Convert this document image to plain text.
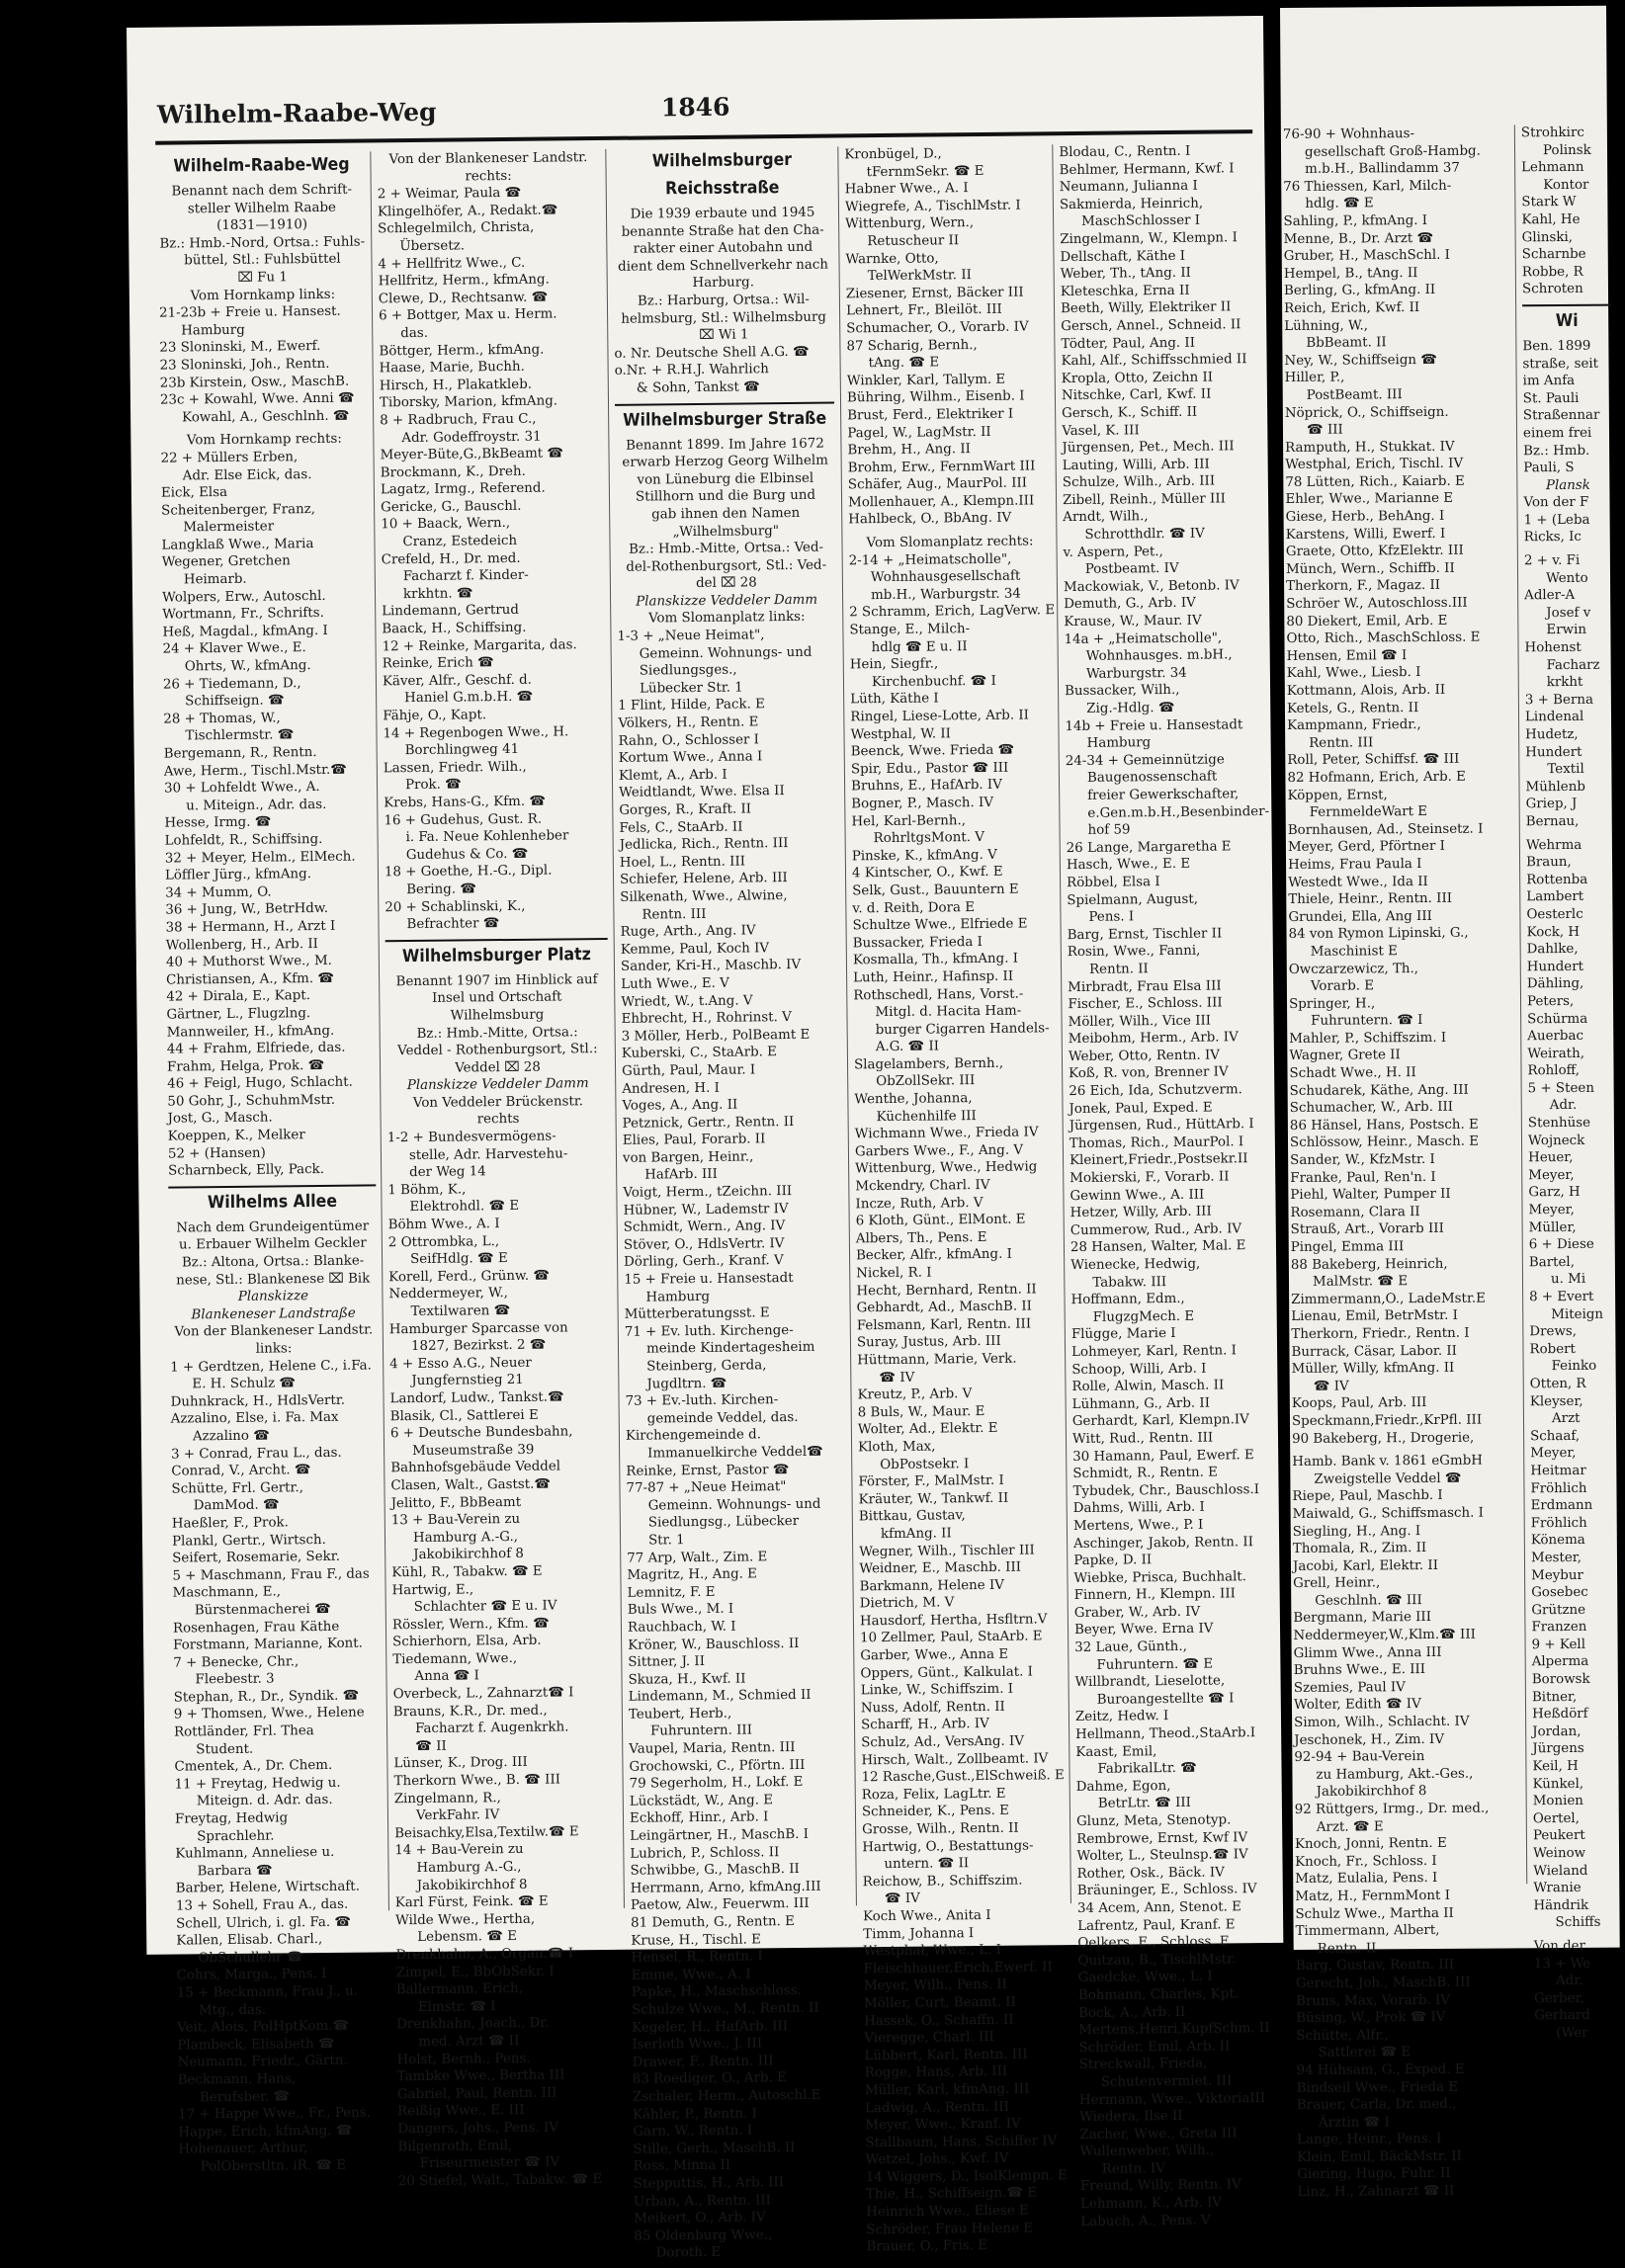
Wilhelm-Raabe-Weg	1846
Wilhelm-Raabe-Weg
Benannt nach dem Schrift-
steller Wilhelm Raabe
(1831—1910)
Bz.: Hmb.-Nord, Ortsa.: Fuhls-
büttel, Stl.: Fuhlsbüttel
⌧ Fu 1
Vom Hornkamp links:
21-23b + Freie u. Hansest.
Hamburg
23 Sloninski, M., Ewerf.
23 Sloninski, Joh., Rentn.
23b Kirstein, Osw., MaschB.
23c + Kowahl, Wwe. Anni ☎
Kowahl, A., Geschlnh. ☎
Vom Hornkamp rechts:
22 + Müllers Erben,
Adr. Else Eick, das.
Eick, Elsa
Scheitenberger, Franz,
Malermeister
Langklaß Wwe., Maria
Wegener, Gretchen
Heimarb.
Wolpers, Erw., Autoschl.
Wortmann, Fr., Schrifts.
Heß, Magdal., kfmAng. I
24 + Klaver Wwe., E.
Ohrts, W., kfmAng.
26 + Tiedemann, D.,
Schiffseign. ☎
28 + Thomas, W.,
Tischlermstr. ☎
Bergemann, R., Rentn.
Awe, Herm., Tischl.Mstr.☎
30 + Lohfeldt Wwe., A.
u. Miteign., Adr. das.
Hesse, Irmg. ☎
Lohfeldt, R., Schiffsing.
32 + Meyer, Helm., ElMech.
Löffler Jürg., kfmAng.
34 + Mumm, O.
36 + Jung, W., BetrHdw.
38 + Hermann, H., Arzt I
Wollenberg, H., Arb. II
40 + Muthorst Wwe., M.
Christiansen, A., Kfm. ☎
42 + Dirala, E., Kapt.
Gärtner, L., Flugzlng.
Mannweiler, H., kfmAng.
44 + Frahm, Elfriede, das.
Frahm, Helga, Prok. ☎
46 + Feigl, Hugo, Schlacht.
50 Gohr, J., SchuhmMstr.
Jost, G., Masch.
Koeppen, K., Melker
52 + (Hansen)
Scharnbeck, Elly, Pack.
Wilhelms Allee
Nach dem Grundeigentümer
u. Erbauer Wilhelm Geckler
Bz.: Altona, Ortsa.: Blanke-
nese, Stl.: Blankenese ⌧ Bik
Planskizze
Blankeneser Landstraße
Von der Blankeneser Landstr.
links:
1 + Gerdtzen, Helene C., i.Fa.
E. H. Schulz ☎
Duhnkrack, H., HdlsVertr.
Azzalino, Else, i. Fa. Max
Azzalino ☎
3 + Conrad, Frau L., das.
Conrad, V., Archt. ☎
Schütte, Frl. Gertr.,
DamMod. ☎
Haeßler, F., Prok.
Plankl, Gertr., Wirtsch.
Seifert, Rosemarie, Sekr.
5 + Maschmann, Frau F., das
Maschmann, E.,
Bürstenmacherei ☎
Rosenhagen, Frau Käthe
Forstmann, Marianne, Kont.
7 + Benecke, Chr.,
Fleebestr. 3
Stephan, R., Dr., Syndik. ☎
9 + Thomsen, Wwe., Helene
Rottländer, Frl. Thea
Student.
Cmentek, A., Dr. Chem.
11 + Freytag, Hedwig u.
Miteign. d. Adr. das.
Freytag, Hedwig
Sprachlehr.
Kuhlmann, Anneliese u.
Barbara ☎
Barber, Helene, Wirtschaft.
13 + Sohell, Frau A., das.
Schell, Ulrich, i. gl. Fa. ☎
Kallen, Elisab. Charl.,
ObSchullehr ☎
Cohrs, Marga., Pens. I
15 + Beckmann, Frau J., u.
Mtg., das.
Veit, Alois, PolHptKom.☎
Plambeck, Elisabeth ☎
Neumann, Friedr., Gärtn.
Beckmann, Hans,
Berufsber. ☎
17 + Happe Wwe., Fr., Pens.
Happe, Erich, kfmAng. ☎
Hohenauer, Arthur,
PolOberstltn. iR. ☎ E
Von der Blankeneser Landstr.
rechts:
2 + Weimar, Paula ☎
Klingelhöfer, A., Redakt.☎
Schlegelmilch, Christa,
Übersetz.
4 + Hellfritz Wwe., C.
Hellfritz, Herm., kfmAng.
Clewe, D., Rechtsanw. ☎
6 + Bottger, Max u. Herm.
das.
Böttger, Herm., kfmAng.
Haase, Marie, Buchh.
Hirsch, H., Plakatkleb.
Tiborsky, Marion, kfmAng.
8 + Radbruch, Frau C.,
Adr. Godeffroystr. 31
Meyer-Büte,G.,BkBeamt ☎
Brockmann, K., Dreh.
Lagatz, Irmg., Referend.
Gericke, G., Bauschl.
10 + Baack, Wern.,
Cranz, Estedeich
Crefeld, H., Dr. med.
Facharzt f. Kinder-
krkhtn. ☎
Lindemann, Gertrud
Baack, H., Schiffsing.
12 + Reinke, Margarita, das.
Reinke, Erich ☎
Käver, Alfr., Geschf. d.
Haniel G.m.b.H. ☎
Fähje, O., Kapt.
14 + Regenbogen Wwe., H.
Borchlingweg 41
Lassen, Friedr. Wilh.,
Prok. ☎
Krebs, Hans-G., Kfm. ☎
16 + Gudehus, Gust. R.
i. Fa. Neue Kohlenheber
Gudehus & Co. ☎
18 + Goethe, H.-G., Dipl.
Bering. ☎
20 + Schablinski, K.,
Befrachter ☎
Wilhelmsburger Platz
Benannt 1907 im Hinblick auf
Insel und Ortschaft
Wilhelmsburg
Bz.: Hmb.-Mitte, Ortsa.:
Veddel - Rothenburgsort, Stl.:
Veddel ⌧ 28
Planskizze Veddeler Damm
Von Veddeler Brückenstr.
rechts
1-2 + Bundesvermögens-
stelle, Adr. Harvestehu-
der Weg 14
1 Böhm, K.,
Elektrohdl. ☎ E
Böhm Wwe., A. I
2 Ottrombka, L.,
SeifHdlg. ☎ E
Korell, Ferd., Grünw. ☎
Neddermeyer, W.,
Textilwaren ☎
Hamburger Sparcasse von
1827, Bezirkst. 2 ☎
4 + Esso A.G., Neuer
Jungfernstieg 21
Landorf, Ludw., Tankst.☎
Blasik, Cl., Sattlerei E
6 + Deutsche Bundesbahn,
Museumstraße 39
Bahnhofsgebäude Veddel
Clasen, Walt., Gastst.☎
Jelitto, F., BbBeamt
13 + Bau-Verein zu
Hamburg A.-G.,
Jakobikirchhof 8
Kühl, R., Tabakw. ☎ E
Hartwig, E.,
Schlachter ☎ E u. IV
Rössler, Wern., Kfm. ☎
Schierhorn, Elsa, Arb.
Tiedemann, Wwe.,
Anna ☎ I
Overbeck, L., Zahnarzt☎ I
Brauns, K.R., Dr. med.,
Facharzt f. Augenkrkh.
☎ II
Lünser, K., Drog. III
Therkorn Wwe., B. ☎ III
Zingelmann, R.,
VerkFahr. IV
Beisachky,Elsa,Textilw.☎ E
14 + Bau-Verein zu
Hamburg A.-G.,
Jakobikirchhof 8
Karl Fürst, Feink. ☎ E
Wilde Wwe., Hertha,
Lebensm. ☎ E
Drenkhahn, A., Organ.☎ I
Zimpel, E., BbObSekr. I
Ballermann, Erich,
Elmstr. ☎ I
Drenkhahn, Joach., Dr.
med. Arzt ☎ II
Holst, Bernh., Pens.
Tambke Wwe., Bertha III
Gabriel, Paul, Rentn. III
Reißig Wwe., E. III
Dangers, Johs., Pens. IV
Bilgenroth, Emil,
Friseurmeister ☎ IV
20 Stiefel, Walt., Tabakw. ☎ E
Wilhelmsburger
Reichsstraße
Die 1939 erbaute und 1945
benannte Straße hat den Cha-
rakter einer Autobahn und
dient dem Schnellverkehr nach
Harburg.
Bz.: Harburg, Ortsa.: Wil-
helmsburg, Stl.: Wilhelmsburg
⌧ Wi 1
o. Nr. Deutsche Shell A.G. ☎
o.Nr. + R.H.J. Wahrlich
& Sohn, Tankst ☎
Wilhelmsburger Straße
Benannt 1899. Im Jahre 1672
erwarb Herzog Georg Wilhelm
von Lüneburg die Elbinsel
Stillhorn und die Burg und
gab ihnen den Namen
„Wilhelmsburg"
Bz.: Hmb.-Mitte, Ortsa.: Ved-
del-Rothenburgsort, Stl.: Ved-
del ⌧ 28
Planskizze Veddeler Damm
Vom Slomanplatz links:
1-3 + „Neue Heimat",
Gemeinn. Wohnungs- und
Siedlungsges.,
Lübecker Str. 1
1 Flint, Hilde, Pack. E
Völkers, H., Rentn. E
Rahn, O., Schlosser I
Kortum Wwe., Anna I
Klemt, A., Arb. I
Weidtlandt, Wwe. Elsa II
Gorges, R., Kraft. II
Fels, C., StaArb. II
Jedlicka, Rich., Rentn. III
Hoel, L., Rentn. III
Schiefer, Helene, Arb. III
Silkenath, Wwe., Alwine,
Rentn. III
Ruge, Arth., Ang. IV
Kemme, Paul, Koch IV
Sander, Kri-H., Maschb. IV
Luth Wwe., E. V
Wriedt, W., t.Ang. V
Ehbrecht, H., Rohrinst. V
3 Möller, Herb., PolBeamt E
Kuberski, C., StaArb. E
Gürth, Paul, Maur. I
Andresen, H. I
Voges, A., Ang. II
Petznick, Gertr., Rentn. II
Elies, Paul, Forarb. II
von Bargen, Heinr.,
HafArb. III
Voigt, Herm., tZeichn. III
Hübner, W., Lademstr IV
Schmidt, Wern., Ang. IV
Stöver, O., HdlsVertr. IV
Dörling, Gerh., Kranf. V
15 + Freie u. Hansestadt
Hamburg
Mütterberatungsst. E
71 + Ev. luth. Kirchenge-
meinde Kindertagesheim
Steinberg, Gerda,
Jugdltrn. ☎
73 + Ev.-luth. Kirchen-
gemeinde Veddel, das.
Kirchengemeinde d.
Immanuelkirche Veddel☎
Reinke, Ernst, Pastor ☎
77-87 + „Neue Heimat"
Gemeinn. Wohnungs- und
Siedlungsg., Lübecker
Str. 1
77 Arp, Walt., Zim. E
Magritz, H., Ang. E
Lemnitz, F. E
Buls Wwe., M. I
Rauchbach, W. I
Kröner, W., Bauschloss. II
Sittner, J. II
Skuza, H., Kwf. II
Lindemann, M., Schmied II
Teubert, Herb.,
Fuhruntern. III
Vaupel, Maria, Rentn. III
Grochowski, C., Pförtn. III
79 Segerholm, H., Lokf. E
Lückstädt, W., Ang. E
Eckhoff, Hinr., Arb. I
Leingärtner, H., MaschB. I
Lubrich, P., Schloss. II
Schwibbe, G., MaschB. II
Herrmann, Arno, kfmAng.III
Paetow, Alw., Feuerwm. III
81 Demuth, G., Rentn. E
Kruse, H., Tischl. E
Hensel, R., Rentn. I
Emme, Wwe., A. I
Papke, H., Maschschloss.
Schulze Wwe., M., Rentn. II
Kegeler, H., HafArb. III
Iserloth Wwe., J. III
Drawer, F., Rentn. III
83 Roediger, O., Arb. E
Zschaler, Herm., Autoschl.E
Kähler, P., Rentn. I
Garn, W., Rentn. I
Stille, Gerh., MaschB. II
Ross, Minna II
Stepputtis, H., Arb. III
Urban, A., Rentn. III
Meikert, O., Arb. IV
85 Oldenburg Wwe.,
Doroth. E
Kronbügel, D.,
tFernmSekr. ☎ E
Habner Wwe., A. I
Wiegrefe, A., TischlMstr. I
Wittenburg, Wern.,
Retuscheur II
Warnke, Otto,
TelWerkMstr. II
Ziesener, Ernst, Bäcker III
Lehnert, Fr., Bleilöt. III
Schumacher, O., Vorarb. IV
87 Scharig, Bernh.,
tAng. ☎ E
Winkler, Karl, Tallym. E
Bühring, Wilhm., Eisenb. I
Brust, Ferd., Elektriker I
Pagel, W., LagMstr. II
Brehm, H., Ang. II
Brohm, Erw., FernmWart III
Schäfer, Aug., MaurPol. III
Mollenhauer, A., Klempn.III
Hahlbeck, O., BbAng. IV
Vom Slomanplatz rechts:
2-14 + „Heimatscholle",
Wohnhausgesellschaft
mb.H., Warburgstr. 34
2 Schramm, Erich, LagVerw. E
Stange, E., Milch-
hdlg ☎ E u. II
Hein, Siegfr.,
Kirchenbuchf. ☎ I
Lüth, Käthe I
Ringel, Liese-Lotte, Arb. II
Westphal, W. II
Beenck, Wwe. Frieda ☎
Spir, Edu., Pastor ☎ III
Bruhns, E., HafArb. IV
Bogner, P., Masch. IV
Hel, Karl-Bernh.,
RohrltgsMont. V
Pinske, K., kfmAng. V
4 Kintscher, O., Kwf. E
Selk, Gust., Bauuntern E
v. d. Reith, Dora E
Schultze Wwe., Elfriede E
Bussacker, Frieda I
Kosmalla, Th., kfmAng. I
Luth, Heinr., Hafinsp. II
Rothschedl, Hans, Vorst.-
Mitgl. d. Hacita Ham-
burger Cigarren Handels-
A.G. ☎ II
Slagelambers, Bernh.,
ObZollSekr. III
Wenthe, Johanna,
Küchenhilfe III
Wichmann Wwe., Frieda IV
Garbers Wwe., F., Ang. V
Wittenburg, Wwe., Hedwig
Mckendry, Charl. IV
Incze, Ruth, Arb. V
6 Kloth, Günt., ElMont. E
Albers, Th., Pens. E
Becker, Alfr., kfmAng. I
Nickel, R. I
Hecht, Bernhard, Rentn. II
Gebhardt, Ad., MaschB. II
Felsmann, Karl, Rentn. III
Suray, Justus, Arb. III
Hüttmann, Marie, Verk.
☎ IV
Kreutz, P., Arb. V
8 Buls, W., Maur. E
Wolter, Ad., Elektr. E
Kloth, Max,
ObPostsekr. I
Förster, F., MalMstr. I
Kräuter, W., Tankwf. II
Bittkau, Gustav,
kfmAng. II
Wegner, Wilh., Tischler III
Weidner, E., Maschb. III
Barkmann, Helene IV
Dietrich, M. V
Hausdorf, Hertha, Hsfltrn.V
10 Zellmer, Paul, StaArb. E
Garber, Wwe., Anna E
Oppers, Günt., Kalkulat. I
Linke, W., Schiffszim. I
Nuss, Adolf, Rentn. II
Scharff, H., Arb. IV
Schulz, Ad., VersAng. IV
Hirsch, Walt., Zollbeamt. IV
12 Rasche,Gust.,ElSchweiß. E
Roza, Felix, LagLtr. E
Schneider, K., Pens. E
Grosse, Wilh., Rentn. II
Hartwig, O., Bestattungs-
untern. ☎ II
Reichow, B., Schiffszim.
☎ IV
Koch Wwe., Anita I
Timm, Johanna I
Westphal, Wwe., L. I
Fleischhauer,Erich,Ewerf. II
Meyer, Wilh., Pens. II
Möller, Curt, Beamt. II
Hassek, O., Schaffn. II
Vieregge, Charl. III
Lübbert, Karl, Rentn. III
Rogge, Hans, Arb. III
Müller, Karl, kfmAng. III
Ladwig, A., Rentn. III
Meyer, Wwe., Kranf. IV
Stallbaum, Hans, Schiffer IV
Wetzel, Johs., Kwf. IV
14 Wiggers, D., IsolKlempn. E
Thie, H., Schiffseign.☎ E
Heinrich Wwe., Eliese E
Schröder, Frau Helene E
Brauer, O., Fris. E
Blodau, C., Rentn. I
Behlmer, Hermann, Kwf. I
Neumann, Julianna I
Sakmierda, Heinrich,
MaschSchlosser I
Zingelmann, W., Klempn. I
Dellschaft, Käthe I
Weber, Th., tAng. II
Kleteschka, Erna II
Beeth, Willy, Elektriker II
Gersch, Annel., Schneid. II
Tödter, Paul, Ang. II
Kahl, Alf., Schiffsschmied II
Kropla, Otto, Zeichn II
Nitschke, Carl, Kwf. II
Gersch, K., Schiff. II
Vasel, K. III
Jürgensen, Pet., Mech. III
Lauting, Willi, Arb. III
Schulze, Wilh., Arb. III
Zibell, Reinh., Müller III
Arndt, Wilh.,
Schrotthdlr. ☎ IV
v. Aspern, Pet.,
Postbeamt. IV
Mackowiak, V., Betonb. IV
Demuth, G., Arb. IV
Krause, W., Maur. IV
14a + „Heimatscholle",
Wohnhausges. m.bH.,
Warburgstr. 34
Bussacker, Wilh.,
Zig.-Hdlg. ☎
14b + Freie u. Hansestadt
Hamburg
24-34 + Gemeinnützige
Baugenossenschaft
freier Gewerkschafter,
e.Gen.m.b.H.,Besenbinder-
hof 59
26 Lange, Margaretha E
Hasch, Wwe., E. E
Röbbel, Elsa I
Spielmann, August,
Pens. I
Barg, Ernst, Tischler II
Rosin, Wwe., Fanni,
Rentn. II
Mirbradt, Frau Elsa III
Fischer, E., Schloss. III
Möller, Wilh., Vice III
Meibohm, Herm., Arb. IV
Weber, Otto, Rentn. IV
Koß, R. von, Brenner IV
26 Eich, Ida, Schutzverm.
Jonek, Paul, Exped. E
Jürgensen, Rud., HüttArb. I
Thomas, Rich., MaurPol. I
Kleinert,Friedr.,Postsekr.II
Mokierski, F., Vorarb. II
Gewinn Wwe., A. III
Hetzer, Willy, Arb. III
Cummerow, Rud., Arb. IV
28 Hansen, Walter, Mal. E
Wienecke, Hedwig,
Tabakw. III
Hoffmann, Edm.,
FlugzgMech. E
Flügge, Marie I
Lohmeyer, Karl, Rentn. I
Schoop, Willi, Arb. I
Rolle, Alwin, Masch. II
Lühmann, G., Arb. II
Gerhardt, Karl, Klempn.IV
Witt, Rud., Rentn. III
30 Hamann, Paul, Ewerf. E
Schmidt, R., Rentn. E
Tybudek, Chr., Bauschloss.I
Dahms, Willi, Arb. I
Mertens, Wwe., P. I
Aschinger, Jakob, Rentn. II
Papke, D. II
Wiebke, Prisca, Buchhalt.
Finnern, H., Klempn. III
Graber, W., Arb. IV
Beyer, Wwe. Erna IV
32 Laue, Günth.,
Fuhruntern. ☎ E
Willbrandt, Lieselotte,
Buroangestellte ☎ I
Zeitz, Hedw. I
Hellmann, Theod.,StaArb.I
Kaast, Emil,
FabrikalLtr. ☎
Dahme, Egon,
BetrLtr. ☎ III
Glunz, Meta, Stenotyp.
Rembrowe, Ernst, Kwf IV
Wolter, L., Steulnsp.☎ IV
Rother, Osk., Bäck. IV
Bräuninger, E., Schloss. IV
34 Acem, Ann, Stenot. E
Lafrentz, Paul, Kranf. E
Oelkers, E., Schloss. E
Quitzau, B., TischlMstr.
Gaedcke, Wwe., L. I
Bohmann, Charles, Kpt.
Bock, A., Arb. II
Mertens,Henri,KupfSchm. II
Schröder, Emil, Arb. II
Streckwall, Frieda,
Schutenvermiet. III
Hermann, Wwe., ViktoriaIII
Wiedera, Ilse II
Zacher, Wwe., Greta III
Wullenweber, Wilh.,
Rentn. IV
Freund, Willy, Rentn. IV
Lehmann, K., Arb. IV
Labuch, A., Pens. V
76-90 + Wohnhaus-
gesellschaft Groß-Hambg.
m.b.H., Ballindamm 37
76 Thiessen, Karl, Milch-
hdlg. ☎ E
Sahling, P., kfmAng. I
Menne, B., Dr. Arzt ☎
Gruber, H., MaschSchl. I
Hempel, B., tAng. II
Berling, G., kfmAng. II
Reich, Erich, Kwf. II
Lühning, W.,
BbBeamt. II
Ney, W., Schiffseign ☎
Hiller, P.,
PostBeamt. III
Nöprick, O., Schiffseign.
☎ III
Ramputh, H., Stukkat. IV
Westphal, Erich, Tischl. IV
78 Lütten, Rich., Kaiarb. E
Ehler, Wwe., Marianne E
Giese, Herb., BehAng. I
Karstens, Willi, Ewerf. I
Graete, Otto, KfzElektr. III
Münch, Wern., Schiffb. II
Therkorn, F., Magaz. II
Schröer W., Autoschloss.III
80 Diekert, Emil, Arb. E
Otto, Rich., MaschSchloss. E
Hensen, Emil ☎ I
Kahl, Wwe., Liesb. I
Kottmann, Alois, Arb. II
Ketels, G., Rentn. II
Kampmann, Friedr.,
Rentn. III
Roll, Peter, Schiffsf. ☎ III
82 Hofmann, Erich, Arb. E
Köppen, Ernst,
FernmeldeWart E
Bornhausen, Ad., Steinsetz. I
Meyer, Gerd, Pförtner I
Heims, Frau Paula I
Westedt Wwe., Ida II
Thiele, Heinr., Rentn. III
Grundei, Ella, Ang III
84 von Rymon Lipinski, G.,
Maschinist E
Owczarzewicz, Th.,
Vorarb. E
Springer, H.,
Fuhruntern. ☎ I
Mahler, P., Schiffszim. I
Wagner, Grete II
Schadt Wwe., H. II
Schudarek, Käthe, Ang. III
Schumacher, W., Arb. III
86 Hänsel, Hans, Postsch. E
Schlössow, Heinr., Masch. E
Sander, W., KfzMstr. I
Franke, Paul, Ren'n. I
Piehl, Walter, Pumper II
Rosemann, Clara II
Strauß, Art., Vorarb III
Pingel, Emma III
88 Bakeberg, Heinrich,
MalMstr. ☎ E
Zimmermann,O., LadeMstr.E
Lienau, Emil, BetrMstr. I
Therkorn, Friedr., Rentn. I
Burrack, Cäsar, Labor. II
Müller, Willy, kfmAng. II
☎ IV
Koops, Paul, Arb. III
Speckmann,Friedr.,KrPfl. III
90 Bakeberg, H., Drogerie,
Hamb. Bank v. 1861 eGmbH
Zweigstelle Veddel ☎
Riepe, Paul, Maschb. I
Maiwald, G., Schiffsmasch. I
Siegling, H., Ang. I
Thomala, R., Zim. II
Jacobi, Karl, Elektr. II
Grell, Heinr.,
Geschlnh. ☎ III
Bergmann, Marie III
Neddermeyer,W.,Klm.☎ III
Glimm Wwe., Anna III
Bruhns Wwe., E. III
Szemies, Paul IV
Wolter, Edith ☎ IV
Simon, Wilh., Schlacht. IV
Jeschonek, H., Zim. IV
92-94 + Bau-Verein
zu Hamburg, Akt.-Ges.,
Jakobikirchhof 8
92 Rüttgers, Irmg., Dr. med.,
Arzt. ☎ E
Knoch, Jonni, Rentn. E
Knoch, Fr., Schloss. I
Matz, Eulalia, Pens. I
Matz, H., FernmMont I
Schulz Wwe., Martha II
Timmermann, Albert,
Rentn. II
Barg, Gustav, Rentn. III
Gerecht, Joh., MaschB. III
Bruns, Max, Vorarb. IV
Büsing, W., Prok ☎ IV
Schütte, Alfr.,
Sattlerei ☎ E
94 Hühsam, G., Exped. E
Bindseil Wwe., Frieda E
Brauer, Carla, Dr. med.,
Ärztin ☎ I
Lange, Heinr., Pens. I
Klein, Emil, BäckMstr. II
Giering, Hugo, Fuhr. II
Linz, H., Zahnarzt ☎ II
Strohkirc
Polinsk
Lehmann
Kontor
Stark W
Kahl, He
Glinski,
Scharnbe
Robbe, R
Schroten
Wi
Ben. 1899
straße, seit
im Anfa
St. Pauli
Straßennar
einem frei
Bz.: Hmb.
Pauli, S
Plansk
Von der F
1 + (Leba
Ricks, Ic
2 + v. Fi
Wento
Adler-A
Josef v
Erwin
Hohenst
Facharz
krkht
3 + Berna
Lindenal
Hudetz,
Hundert
Textil
Mühlenb
Griep, J
Bernau,
Wehrma
Braun,
Rottenba
Lambert
Oesterlc
Kock, H
Dahlke,
Hundert
Dähling,
Peters,
Schürma
Auerbac
Weirath,
Rohloff,
5 + Steen
Adr.
Stenhüse
Wojneck
Heuer,
Meyer,
Garz, H
Meyer,
Müller,
6 + Diese
Bartel,
u. Mi
8 + Evert
Miteign
Drews,
Robert
Feinko
Otten, R
Kleyser,
Arzt
Schaaf,
Meyer,
Heitmar
Fröhlich
Erdmann
Fröhlich
Könema
Mester,
Meybur
Gosebec
Grützne
Franzen
9 + Kell
Alperma
Borowsk
Bitner,
Heßdörf
Jordan,
Jürgens
Keil, H
Künkel,
Monien
Oertel,
Peukert
Weinow
Wieland
Wranie
Händrik
Schiffs
Von der
13 + We
Adr.
Gerber,
Gerhard
(Wer
